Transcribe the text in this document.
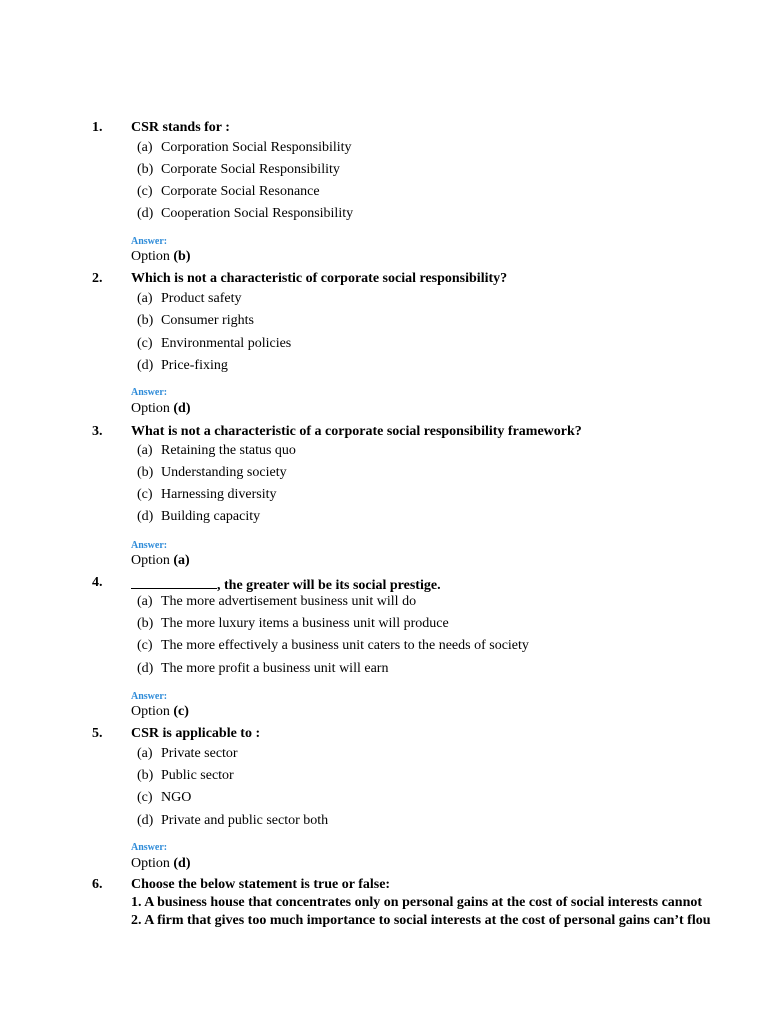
1. CSR stands for :
(a) Corporation Social Responsibility
(b) Corporate Social Responsibility
(c) Corporate Social Resonance
(d) Cooperation Social Responsibility
Answer:
Option (b)
2. Which is not a characteristic of corporate social responsibility?
(a) Product safety
(b) Consumer rights
(c) Environmental policies
(d) Price-fixing
Answer:
Option (d)
3. What is not a characteristic of a corporate social responsibility framework?
(a) Retaining the status quo
(b) Understanding society
(c) Harnessing diversity
(d) Building capacity
Answer:
Option (a)
4.	, the greater will be its social prestige.
(a) The more advertisement business unit will do
(b) The more luxury items a business unit will produce
(c) The more effectively a business unit caters to the needs of society
(d) The more profit a business unit will earn
Answer:
Option (c)
5. CSR is applicable to :
(a) Private sector
(b) Public sector
(c) NGO
(d) Private and public sector both
Answer:
Option (d)
6. Choose the below statement is true or false:
1. A business house that concentrates only on personal gains at the cost of social interests cannot
2. A firm that gives too much importance to social interests at the cost of personal gains can’t flou
